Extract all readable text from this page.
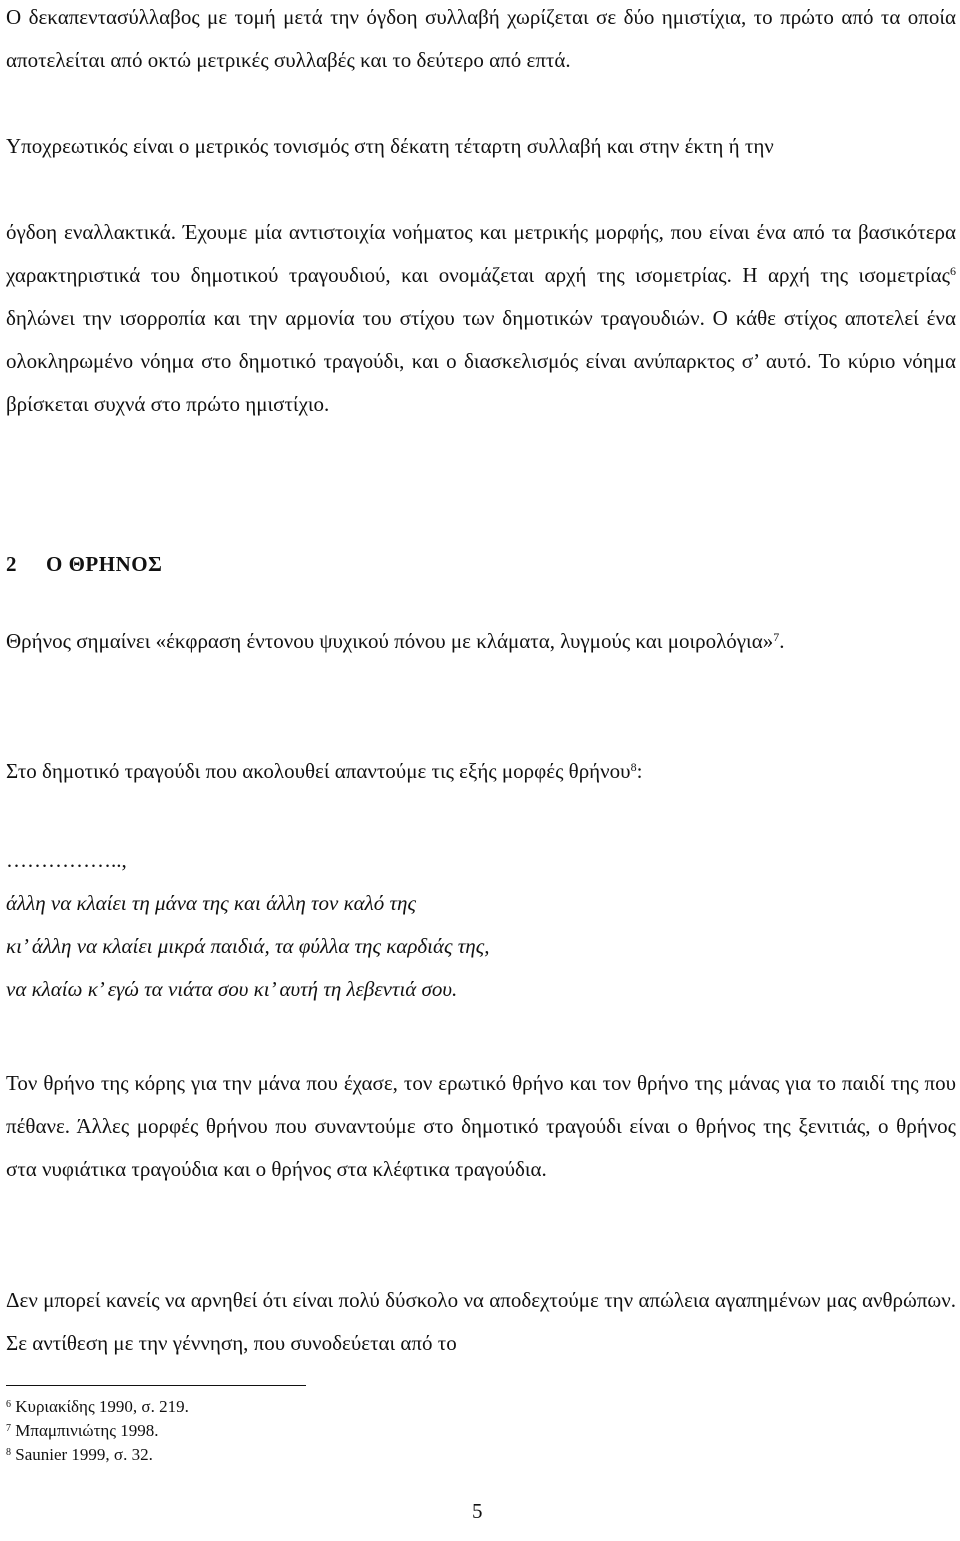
Ο δεκαπεντασύλλαβος με τομή μετά την όγδοη συλλαβή χωρίζεται σε δύο ημιστίχια, το πρώτο από τα οποία αποτελείται από οκτώ μετρικές συλλαβές και το δεύτερο από επτά.

Υποχρεωτικός είναι ο μετρικός τονισμός στη δέκατη τέταρτη συλλαβή και στην έκτη ή την

όγδοη εναλλακτικά. Έχουμε μία αντιστοιχία νοήματος και μετρικής μορφής, που είναι ένα από τα βασικότερα χαρακτηριστικά του δημοτικού τραγουδιού, και ονομάζεται αρχή της ισομετρίας. Η αρχή της ισομετρίας$^6$ δηλώνει την ισορροπία και την αρμονία του στίχου των δημοτικών τραγουδιών. Ο κάθε στίχος αποτελεί ένα ολοκληρωμένο νόημα στο δημοτικό τραγούδι, και ο διασκελισμός είναι ανύπαρκτος σ’ αυτό. Το κύριο νόημα βρίσκεται συχνά στο πρώτο ημιστίχιο.

2 Ο ΘΡΗΝΟΣ

Θρήνος σημαίνει «έκφραση έντονου ψυχικού πόνου με κλάματα, λυγμούς και μοιρολόγια»$^7$.

Στο δημοτικό τραγούδι που ακολουθεί απαντούμε τις εξής μορφές θρήνου$^8$:

……………..,
άλλη να κλαίει τη μάνα της και άλλη τον καλό της
κι’ άλλη να κλαίει μικρά παιδιά, τα φύλλα της καρδιάς της,
να κλαίω κ’ εγώ τα νιάτα σου κι’ αυτή τη λεβεντιά σου.

Τον θρήνο της κόρης για την μάνα που έχασε, τον ερωτικό θρήνο και τον θρήνο της μάνας για το παιδί της που πέθανε. Άλλες μορφές θρήνου που συναντούμε στο δημοτικό τραγούδι είναι ο θρήνος της ξενιτιάς, ο θρήνος στα νυφιάτικα τραγούδια και ο θρήνος στα κλέφτικα τραγούδια.

Δεν μπορεί κανείς να αρνηθεί ότι είναι πολύ δύσκολο να αποδεχτούμε την απώλεια αγαπημένων μας ανθρώπων. Σε αντίθεση με την γέννηση, που συνοδεύεται από το

$^6$ Κυριακίδης 1990, σ. 219.
$^7$ Μπαμπινιώτης 1998.
$^8$ Saunier 1999, σ. 32.
5
